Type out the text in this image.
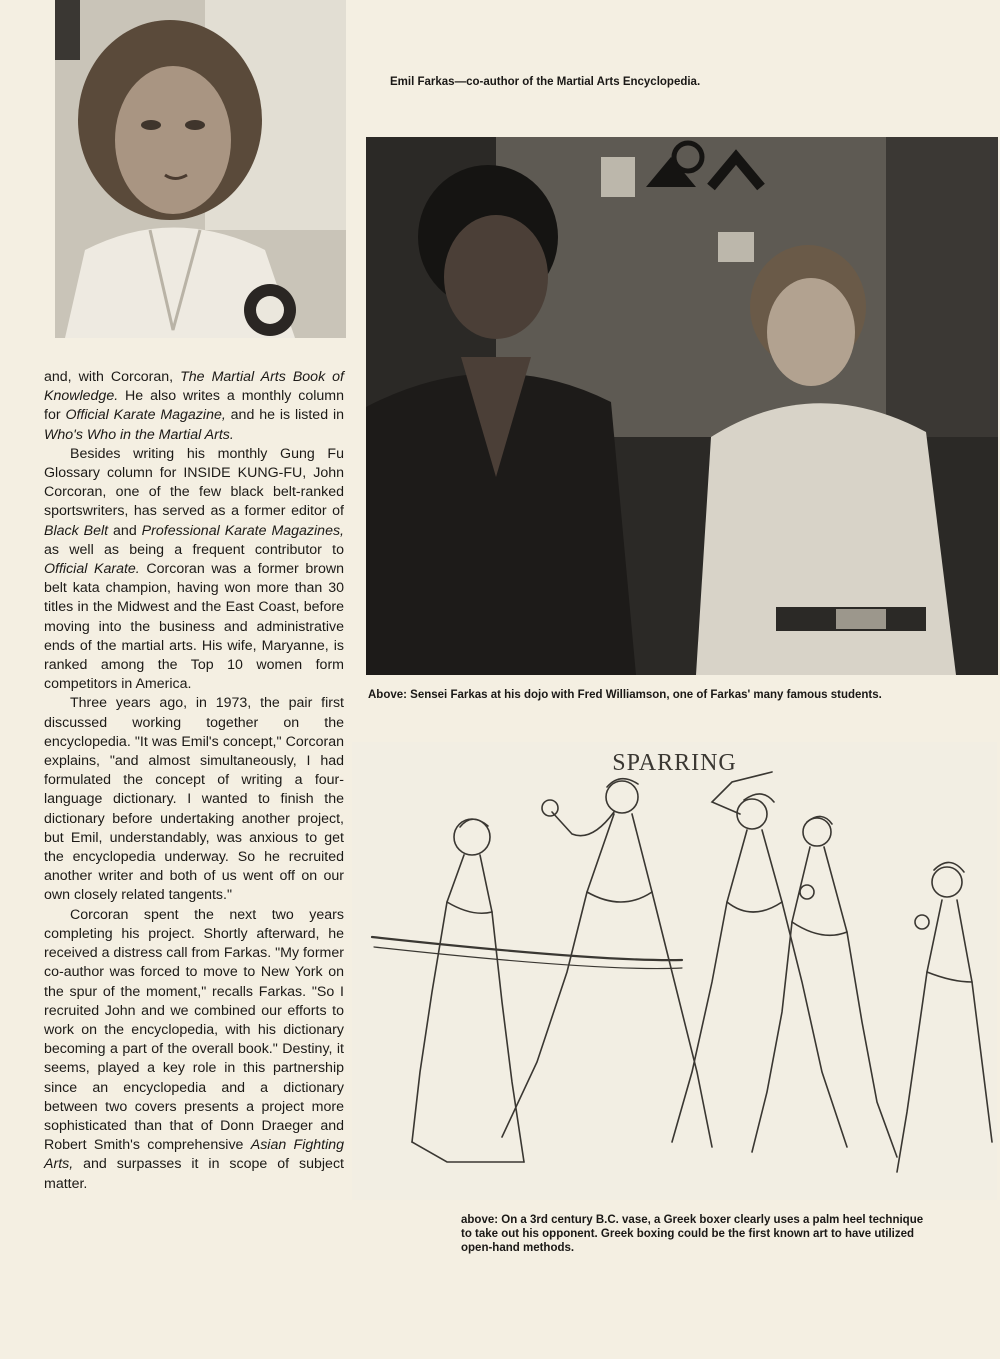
Emil Farkas—co-author of the Martial Arts Encyclopedia.
Above: Sensei Farkas at his dojo with Fred Williamson, one of Farkas' many famous students.

and, with Corcoran, The Martial Arts Book of Knowledge. He also writes a monthly column for Official Karate Magazine, and he is listed in Who's Who in the Martial Arts.

Besides writing his monthly Gung Fu Glossary column for INSIDE KUNG-FU, John Corcoran, one of the few black belt-ranked sportswriters, has served as a former editor of Black Belt and Professional Karate Magazines, as well as being a frequent contributor to Official Karate. Corcoran was a former brown belt kata champion, having won more than 30 titles in the Midwest and the East Coast, before moving into the business and administrative ends of the martial arts. His wife, Maryanne, is ranked among the Top 10 women form competitors in America.

Three years ago, in 1973, the pair first discussed working together on the encyclopedia. "It was Emil's concept," Corcoran explains, "and almost simultaneously, I had formulated the concept of writing a four-language dictionary. I wanted to finish the dictionary before undertaking another project, but Emil, understandably, was anxious to get the encyclopedia underway. So he recruited another writer and both of us went off on our own closely related tangents."

Corcoran spent the next two years completing his project. Shortly afterward, he received a distress call from Farkas. "My former co-author was forced to move to New York on the spur of the moment," recalls Farkas. "So I recruited John and we combined our efforts to work on the encyclopedia, with his dictionary becoming a part of the overall book." Destiny, it seems, played a key role in this partnership since an encyclopedia and a dictionary between two covers presents a project more sophisticated than that of Donn Draeger and Robert Smith's comprehensive Asian Fighting Arts, and surpasses it in scope of subject matter.

SPARRING
above: On a 3rd century B.C. vase, a Greek boxer clearly uses a palm heel technique to take out his opponent. Greek boxing could be the first known art to have utilized open-hand methods.
